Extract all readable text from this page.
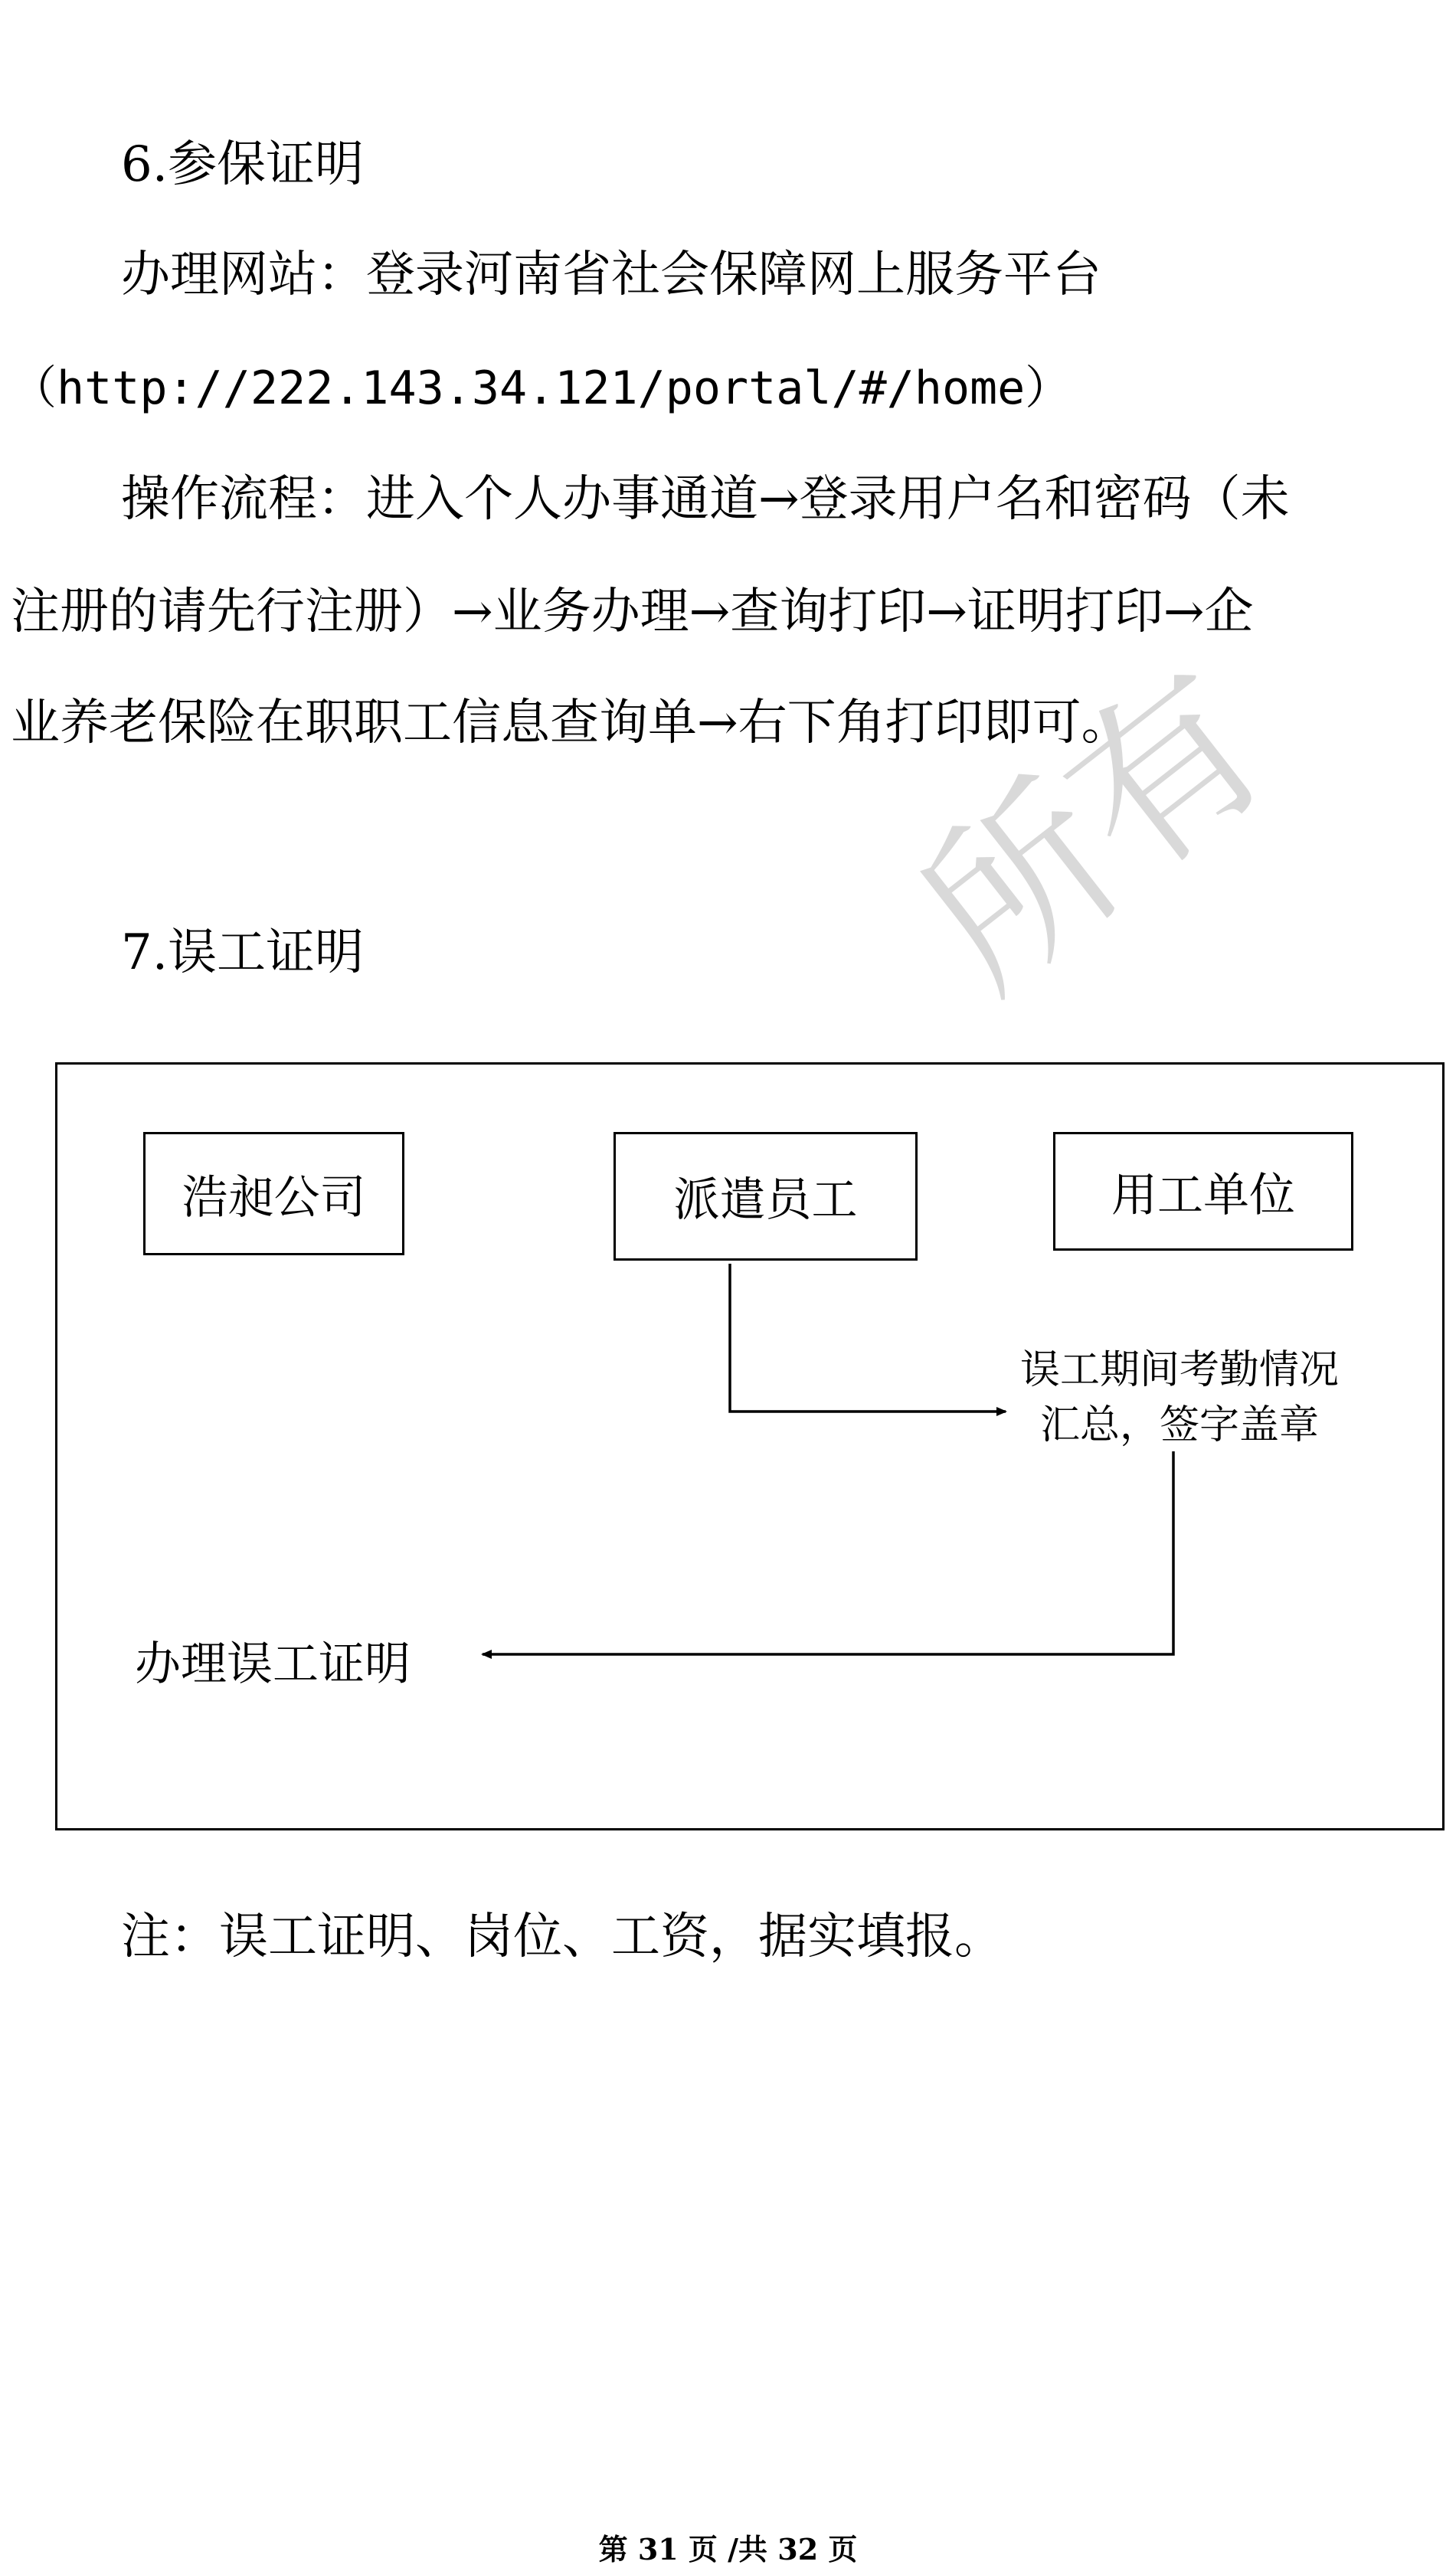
所有
6.参保证明
办理网站：登录河南省社会保障网上服务平台
（http://222.143.34.121/portal/#/home）
操作流程：进入个人办事通道→登录用户名和密码（未
注册的请先行注册）→业务办理→查询打印→证明打印→企
业养老保险在职职工信息查询单→右下角打印即可。
7.误工证明
浩昶公司	派遣员工	用工单位
误工期间考勤情况
汇总，签字盖章
办理误工证明
注：误工证明、岗位、工资，据实填报。
第 31 页 /共 32 页
